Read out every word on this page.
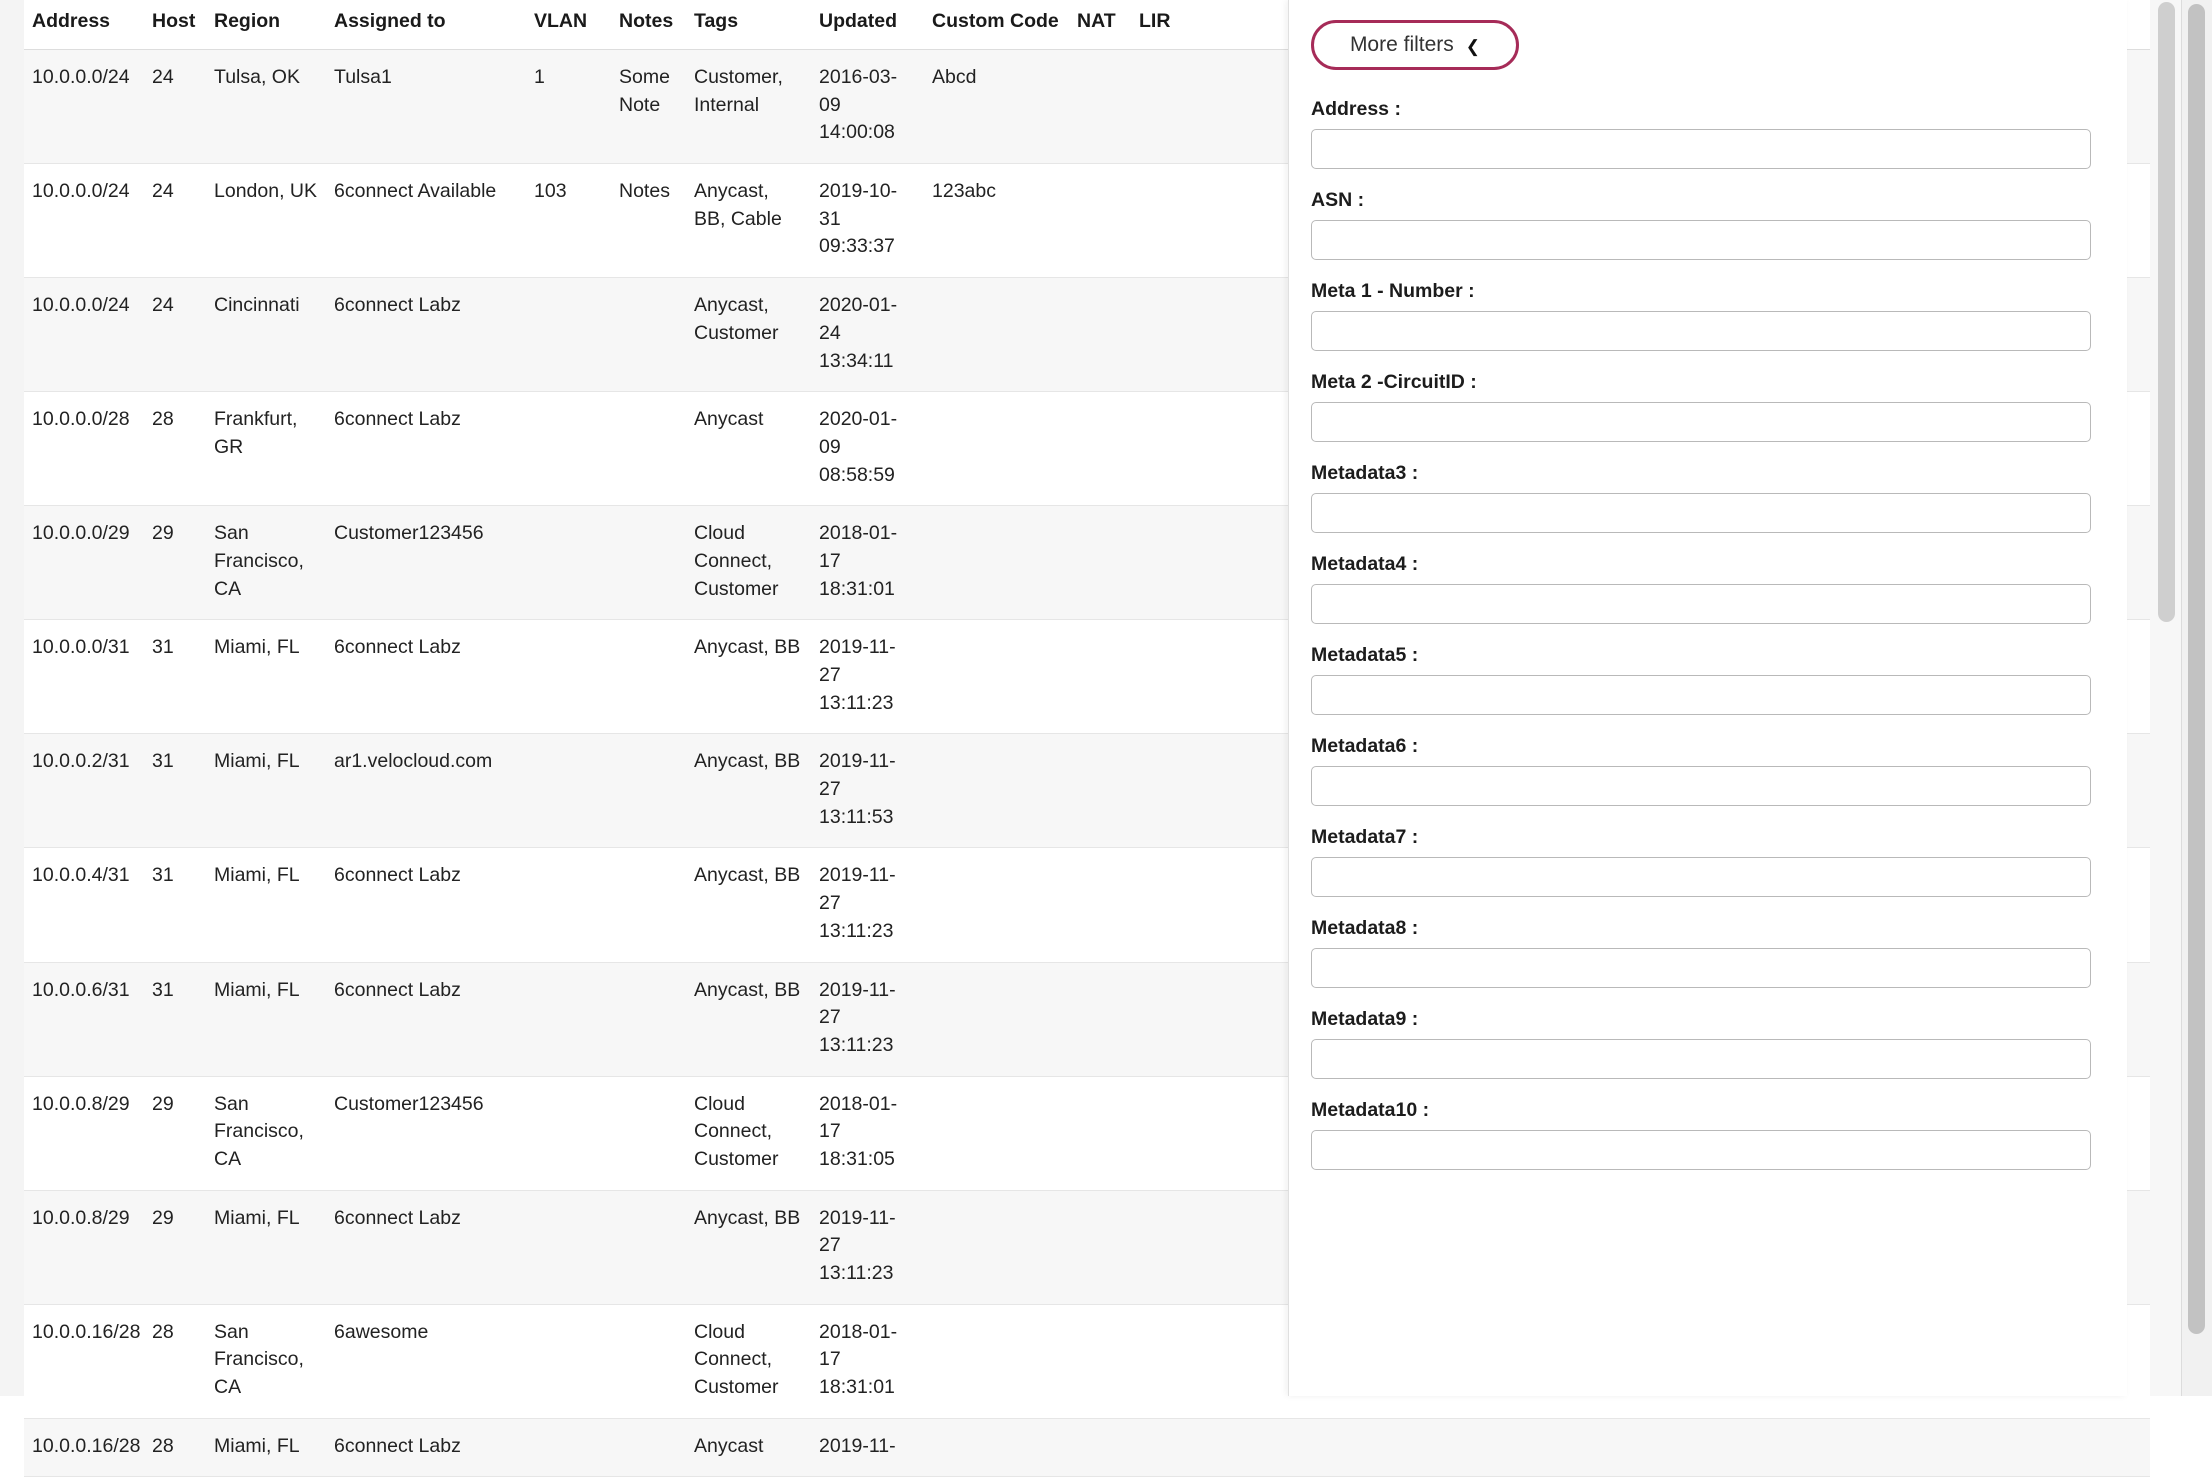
Address	Host	Region	Assigned to	VLAN	Notes	Tags	Updated	Custom Code	NAT	LIR	
10.0.0.0/24	24	Tulsa, OK	Tulsa1	1	Some Note	Customer, Internal	2016-03-09 14:00:08	Abcd			
10.0.0.0/24	24	London, UK	6connect Available	103	Notes	Anycast, BB, Cable	2019-10-31 09:33:37	123abc			
10.0.0.0/24	24	Cincinnati	6connect Labz			Anycast, Customer	2020-01-24 13:34:11				
10.0.0.0/28	28	Frankfurt, GR	6connect Labz			Anycast	2020-01-09 08:58:59				
10.0.0.0/29	29	San Francisco, CA	Customer123456			Cloud Connect, Customer	2018-01-17 18:31:01				
10.0.0.0/31	31	Miami, FL	6connect Labz			Anycast, BB	2019-11-27 13:11:23				
10.0.0.2/31	31	Miami, FL	ar1.velocloud.com			Anycast, BB	2019-11-27 13:11:53				
10.0.0.4/31	31	Miami, FL	6connect Labz			Anycast, BB	2019-11-27 13:11:23				
10.0.0.6/31	31	Miami, FL	6connect Labz			Anycast, BB	2019-11-27 13:11:23				
10.0.0.8/29	29	San Francisco, CA	Customer123456			Cloud Connect, Customer	2018-01-17 18:31:05				
10.0.0.8/29	29	Miami, FL	6connect Labz			Anycast, BB	2019-11-27 13:11:23				
10.0.0.16/28	28	San Francisco, CA	6awesome			Cloud Connect, Customer	2018-01-17 18:31:01				
10.0.0.16/28	28	Miami, FL	6connect Labz			Anycast	2019-11-				
More filters ❮
Address :
ASN :
Meta 1 - Number :
Meta 2 -CircuitID :
Metadata3 :
Metadata4 :
Metadata5 :
Metadata6 :
Metadata7 :
Metadata8 :
Metadata9 :
Metadata10 :
